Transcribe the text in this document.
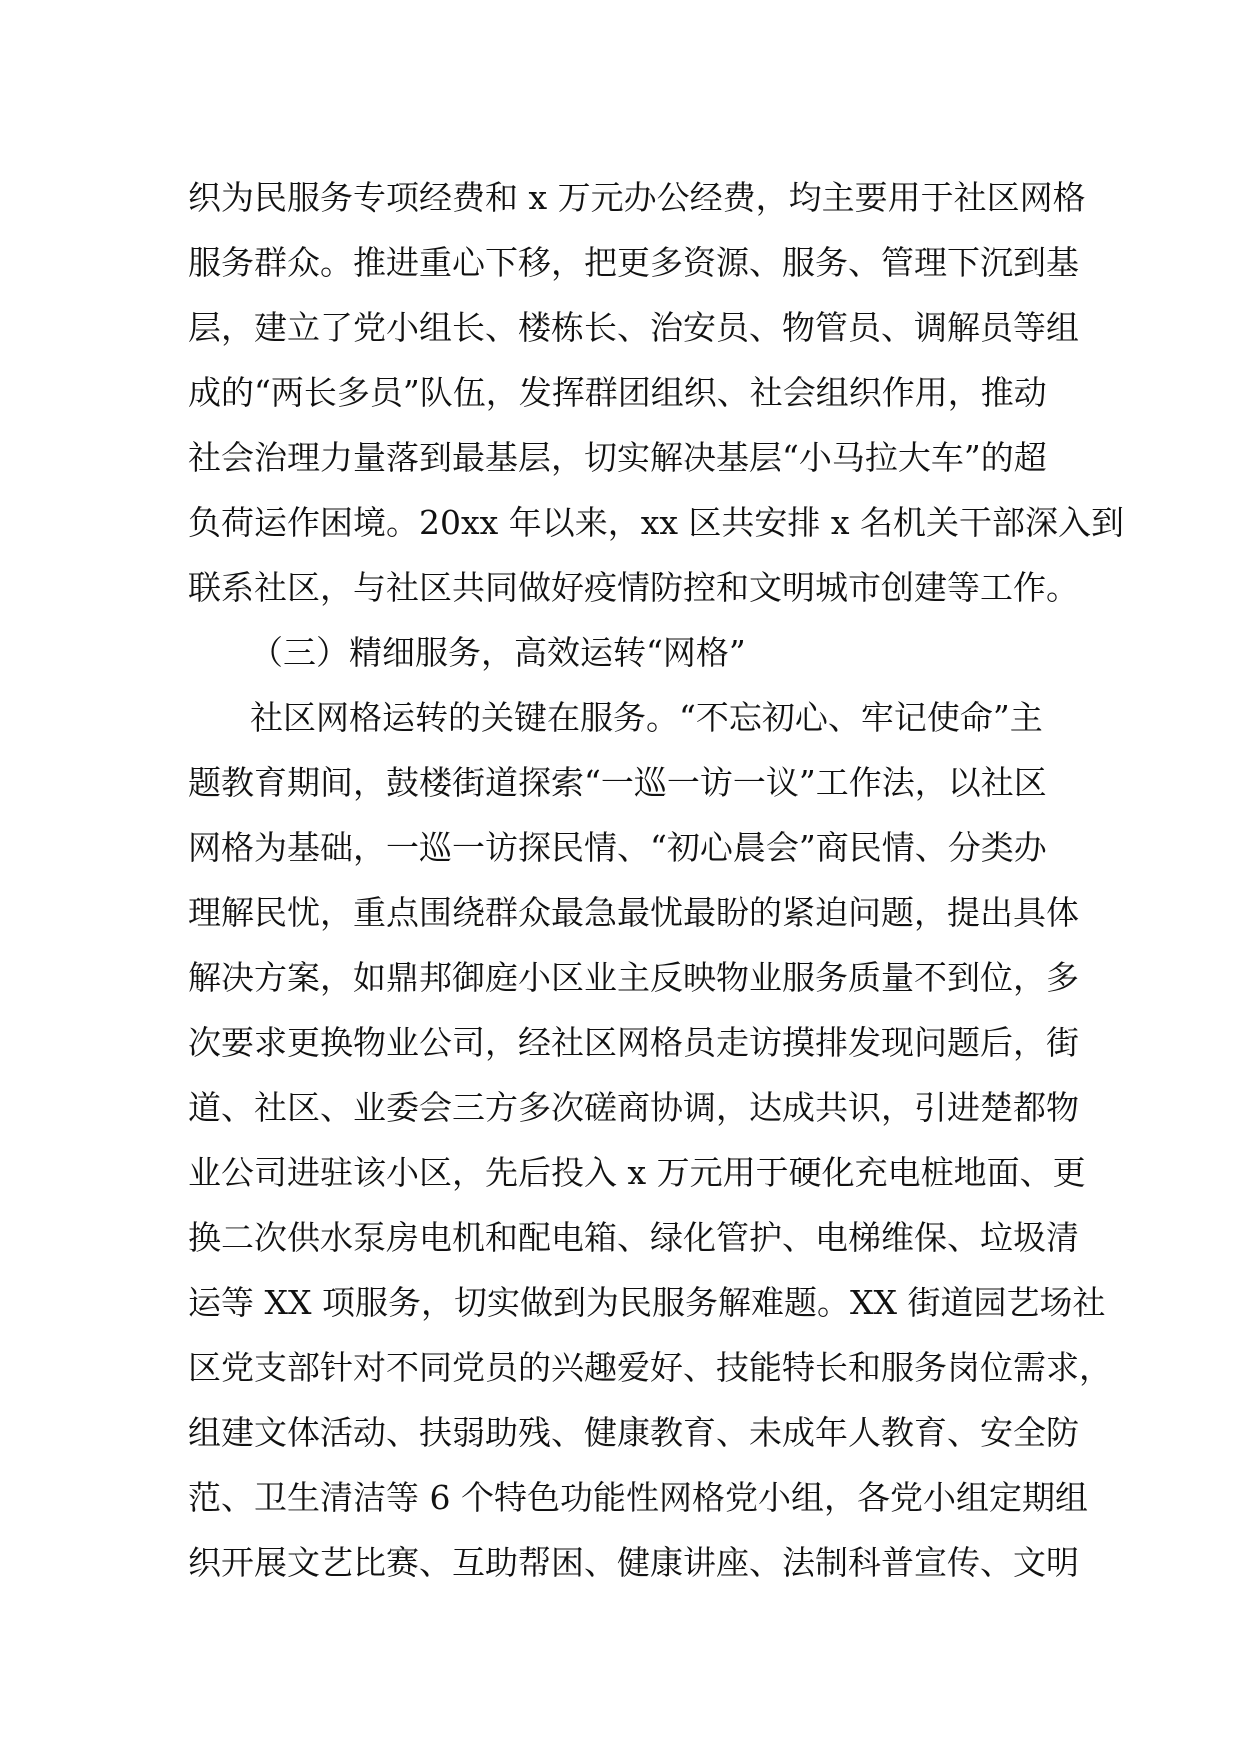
织为民服务专项经费和 x 万元办公经费，均主要用于社区网格
服务群众。推进重心下移，把更多资源、服务、管理下沉到基
层，建立了党小组长、楼栋长、治安员、物管员、调解员等组
成的“两长多员”队伍，发挥群团组织、社会组织作用，推动
社会治理力量落到最基层，切实解决基层“小马拉大车”的超
负荷运作困境。20xx 年以来，xx 区共安排 x 名机关干部深入到
联系社区，与社区共同做好疫情防控和文明城市创建等工作。
（三）精细服务，高效运转“网格”
社区网格运转的关键在服务。“不忘初心、牢记使命”主
题教育期间，鼓楼街道探索“一巡一访一议”工作法，以社区
网格为基础，一巡一访探民情、“初心晨会”商民情、分类办
理解民忧，重点围绕群众最急最忧最盼的紧迫问题，提出具体
解决方案，如鼎邦御庭小区业主反映物业服务质量不到位，多
次要求更换物业公司，经社区网格员走访摸排发现问题后，街
道、社区、业委会三方多次磋商协调，达成共识，引进楚都物
业公司进驻该小区，先后投入 x 万元用于硬化充电桩地面、更
换二次供水泵房电机和配电箱、绿化管护、电梯维保、垃圾清
运等 XX 项服务，切实做到为民服务解难题。XX 街道园艺场社
区党支部针对不同党员的兴趣爱好、技能特长和服务岗位需求，
组建文体活动、扶弱助残、健康教育、未成年人教育、安全防
范、卫生清洁等 6 个特色功能性网格党小组，各党小组定期组
织开展文艺比赛、互助帮困、健康讲座、法制科普宣传、文明
